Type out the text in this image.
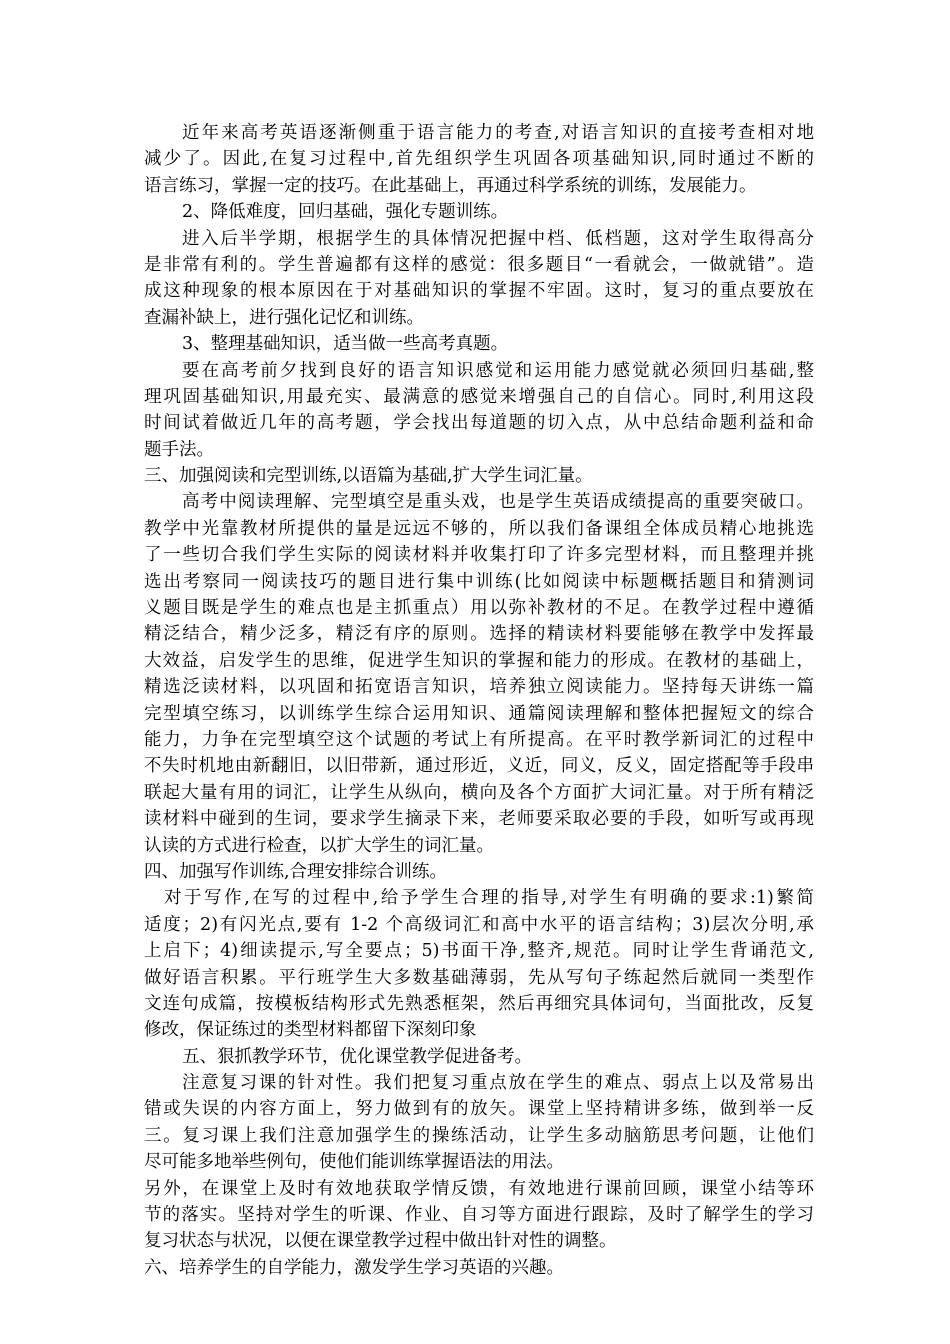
近年来高考英语逐渐侧重于语言能力的考查,对语言知识的直接考查相对地
减少了。因此,在复习过程中,首先组织学生巩固各项基础知识,同时通过不断的
语言练习，掌握一定的技巧。在此基础上，再通过科学系统的训练，发展能力。
2、降低难度，回归基础，强化专题训练。
进入后半学期，根据学生的具体情况把握中档、低档题，这对学生取得高分
是非常有利的。学生普遍都有这样的感觉：很多题目“一看就会，一做就错”。造
成这种现象的根本原因在于对基础知识的掌握不牢固。这时，复习的重点要放在
查漏补缺上，进行强化记忆和训练。
3、整理基础知识，适当做一些高考真题。
要在高考前夕找到良好的语言知识感觉和运用能力感觉就必须回归基础,整
理巩固基础知识,用最充实、最满意的感觉来增强自己的自信心。同时,利用这段
时间试着做近几年的高考题，学会找出每道题的切入点，从中总结命题利益和命
题手法。
三、加强阅读和完型训练,以语篇为基础,扩大学生词汇量。
高考中阅读理解、完型填空是重头戏，也是学生英语成绩提高的重要突破口。
教学中光靠教材所提供的量是远远不够的，所以我们备课组全体成员精心地挑选
了一些切合我们学生实际的阅读材料并收集打印了许多完型材料，而且整理并挑
选出考察同一阅读技巧的题目进行集中训练(比如阅读中标题概括题目和猜测词
义题目既是学生的难点也是主抓重点）用以弥补教材的不足。在教学过程中遵循
精泛结合，精少泛多，精泛有序的原则。选择的精读材料要能够在教学中发挥最
大效益，启发学生的思维，促进学生知识的掌握和能力的形成。在教材的基础上，
精选泛读材料，以巩固和拓宽语言知识，培养独立阅读能力。坚持每天讲练一篇
完型填空练习，以训练学生综合运用知识、通篇阅读理解和整体把握短文的综合
能力，力争在完型填空这个试题的考试上有所提高。在平时教学新词汇的过程中
不失时机地由新翻旧，以旧带新，通过形近，义近，同义，反义，固定搭配等手段串
联起大量有用的词汇，让学生从纵向，横向及各个方面扩大词汇量。对于所有精泛
读材料中碰到的生词，要求学生摘录下来，老师要采取必要的手段，如听写或再现
认读的方式进行检查，以扩大学生的词汇量。
四、加强写作训练,合理安排综合训练。
对于写作,在写的过程中,给予学生合理的指导,对学生有明确的要求:1)繁简
适度；2)有闪光点,要有 1-2 个高级词汇和高中水平的语言结构；3)层次分明,承
上启下；4)细读提示,写全要点；5)书面干净,整齐,规范。同时让学生背诵范文,
做好语言积累。平行班学生大多数基础薄弱，先从写句子练起然后就同一类型作
文连句成篇，按模板结构形式先熟悉框架，然后再细究具体词句，当面批改，反复
修改，保证练过的类型材料都留下深刻印象
五、狠抓教学环节，优化课堂教学促进备考。
注意复习课的针对性。我们把复习重点放在学生的难点、弱点上以及常易出
错或失误的内容方面上，努力做到有的放矢。课堂上坚持精讲多练，做到举一反
三。复习课上我们注意加强学生的操练活动，让学生多动脑筋思考问题，让他们
尽可能多地举些例句，使他们能训练掌握语法的用法。
另外，在课堂上及时有效地获取学情反馈，有效地进行课前回顾，课堂小结等环
节的落实。坚持对学生的听课、作业、自习等方面进行跟踪，及时了解学生的学习
复习状态与状况，以便在课堂教学过程中做出针对性的调整。
六、培养学生的自学能力，激发学生学习英语的兴趣。
